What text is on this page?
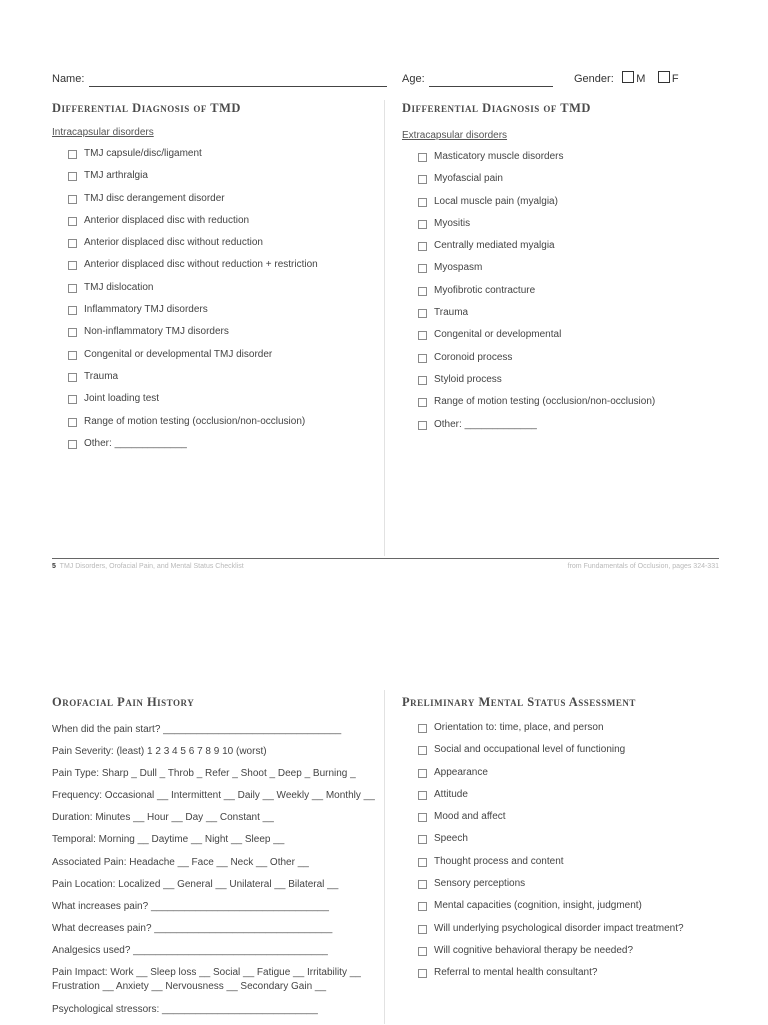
Name:	Age:	Gender: M F
Differential Diagnosis of TMD
Intracapsular disorders
TMJ capsule/disc/ligament
TMJ arthralgia
TMJ disc derangement disorder
Anterior displaced disc with reduction
Anterior displaced disc without reduction
Anterior displaced disc without reduction + restriction
TMJ dislocation
Inflammatory TMJ disorders
Non-inflammatory TMJ disorders
Congenital or developmental TMJ disorder
Trauma
Joint loading test
Range of motion testing (occlusion/non-occlusion)
Other: _____________
Differential Diagnosis of TMD
Extracapsular disorders
Masticatory muscle disorders
Myofascial pain
Local muscle pain (myalgia)
Myositis
Centrally mediated myalgia
Myospasm
Myofibrotic contracture
Trauma
Congenital or developmental
Coronoid process
Styloid process
Range of motion testing (occlusion/non-occlusion)
Other: _____________
5 TMJ Disorders, Orofacial Pain, and Mental Status Checklist	from Fundamentals of Occlusion, pages 324-331
Orofacial Pain History
When did the pain start? ________________________________
Pain Severity: (least) 1 2 3 4 5 6 7 8 9 10 (worst)
Pain Type: Sharp _ Dull _ Throb _ Refer _ Shoot _ Deep _ Burning _
Frequency: Occasional __ Intermittent __ Daily __ Weekly __ Monthly __
Duration: Minutes __ Hour __ Day __ Constant __
Temporal: Morning __ Daytime __ Night __ Sleep __
Associated Pain: Headache __ Face __ Neck __ Other __
Pain Location: Localized __ General __ Unilateral __ Bilateral __
What increases pain? ________________________________
What decreases pain? ________________________________
Analgesics used? ___________________________________
Pain Impact: Work __ Sleep loss __ Social __ Fatigue __ Irritability __ Frustration __ Anxiety __ Nervousness __ Secondary Gain __
Psychological stressors: ____________________________
Preliminary Mental Status Assessment
Orientation to: time, place, and person
Social and occupational level of functioning
Appearance
Attitude
Mood and affect
Speech
Thought process and content
Sensory perceptions
Mental capacities (cognition, insight, judgment)
Will underlying psychological disorder impact treatment?
Will cognitive behavioral therapy be needed?
Referral to mental health consultant?
